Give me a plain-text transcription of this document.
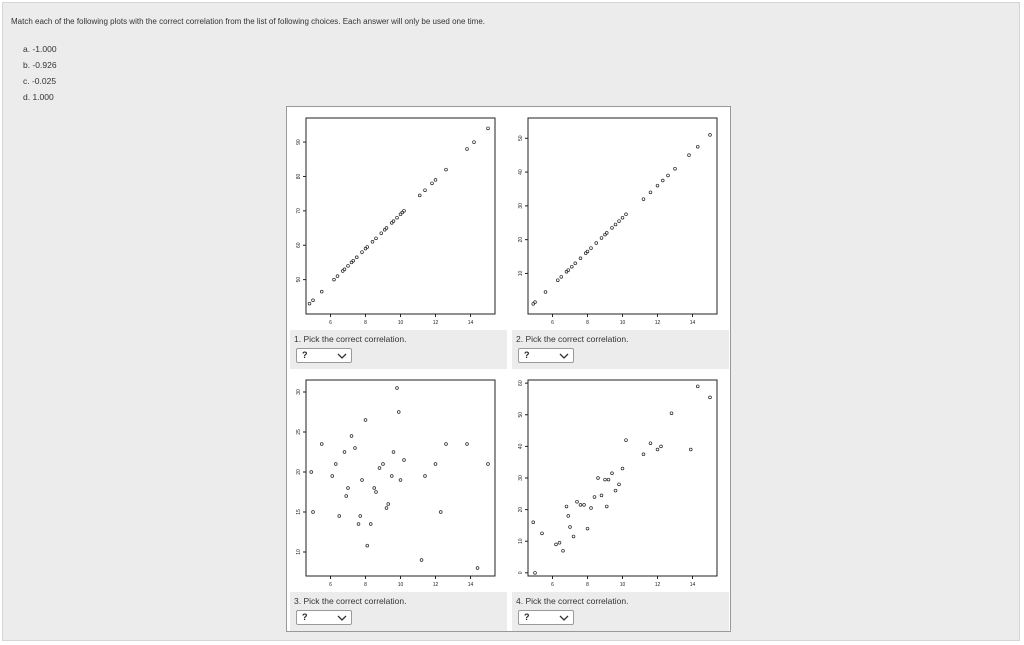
Match each of the following plots with the correct correlation from the list of following choices. Each answer will only be used one time.
a. -1.000
b. -0.926
c. -0.025
d. 1.000
6	8	10	12	14
50
60
70
80
90
1. Pick the correct correlation.
?
6	8	10	12	14
10
20
30
40
50
2. Pick the correct correlation.
?
6	8	10	12	14
10
15
20
25
30
3. Pick the correct correlation.
?
6	8	10	12	14
0
10
20
30
40
50
60
4. Pick the correct correlation.
?
